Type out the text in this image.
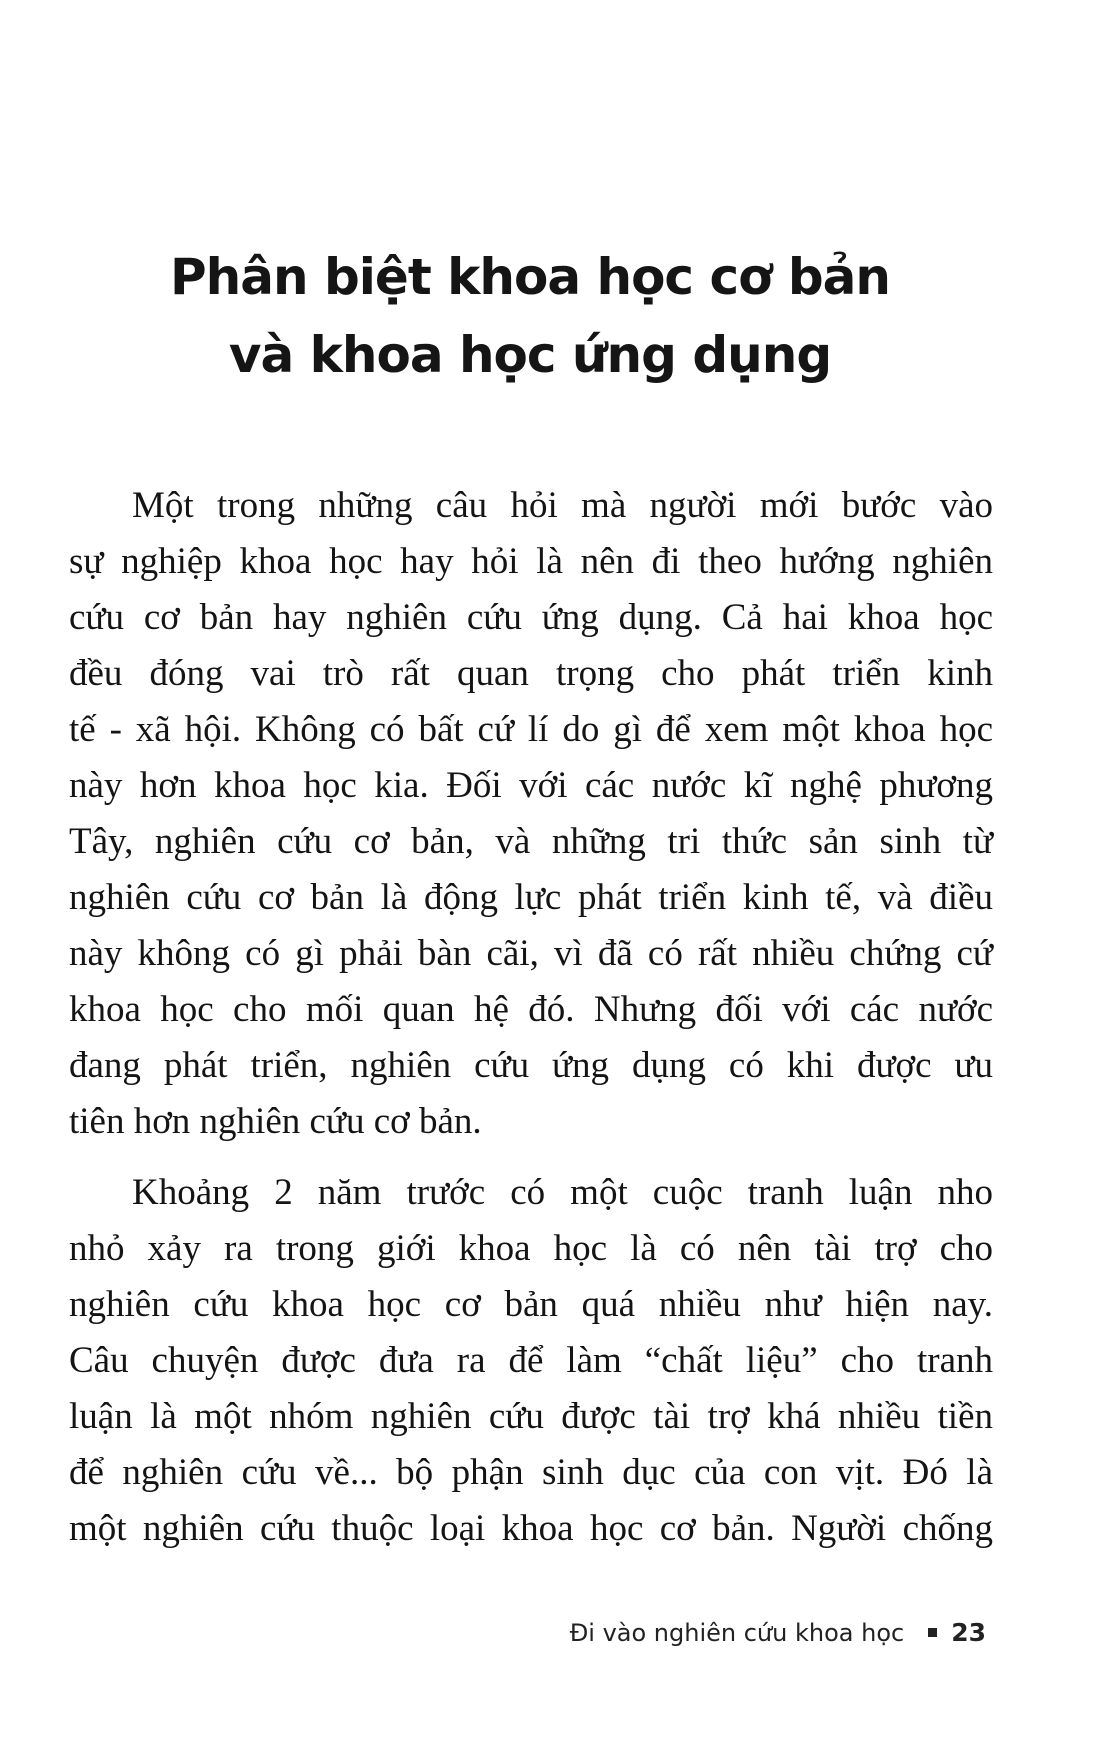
Phân biệt khoa học cơ bản
và khoa học ứng dụng
Một trong những câu hỏi mà người mới bước vào
sự nghiệp khoa học hay hỏi là nên đi theo hướng nghiên
cứu cơ bản hay nghiên cứu ứng dụng. Cả hai khoa học
đều đóng vai trò rất quan trọng cho phát triển kinh
tế - xã hội. Không có bất cứ lí do gì để xem một khoa học
này hơn khoa học kia. Đối với các nước kĩ nghệ phương
Tây, nghiên cứu cơ bản, và những tri thức sản sinh từ
nghiên cứu cơ bản là động lực phát triển kinh tế, và điều
này không có gì phải bàn cãi, vì đã có rất nhiều chứng cứ
khoa học cho mối quan hệ đó. Nhưng đối với các nước
đang phát triển, nghiên cứu ứng dụng có khi được ưu
tiên hơn nghiên cứu cơ bản.
Khoảng 2 năm trước có một cuộc tranh luận nho
nhỏ xảy ra trong giới khoa học là có nên tài trợ cho
nghiên cứu khoa học cơ bản quá nhiều như hiện nay.
Câu chuyện được đưa ra để làm “chất liệu” cho tranh
luận là một nhóm nghiên cứu được tài trợ khá nhiều tiền
để nghiên cứu về... bộ phận sinh dục của con vịt. Đó là
một nghiên cứu thuộc loại khoa học cơ bản. Người chống
Đi vào nghiên cứu khoa học 23
